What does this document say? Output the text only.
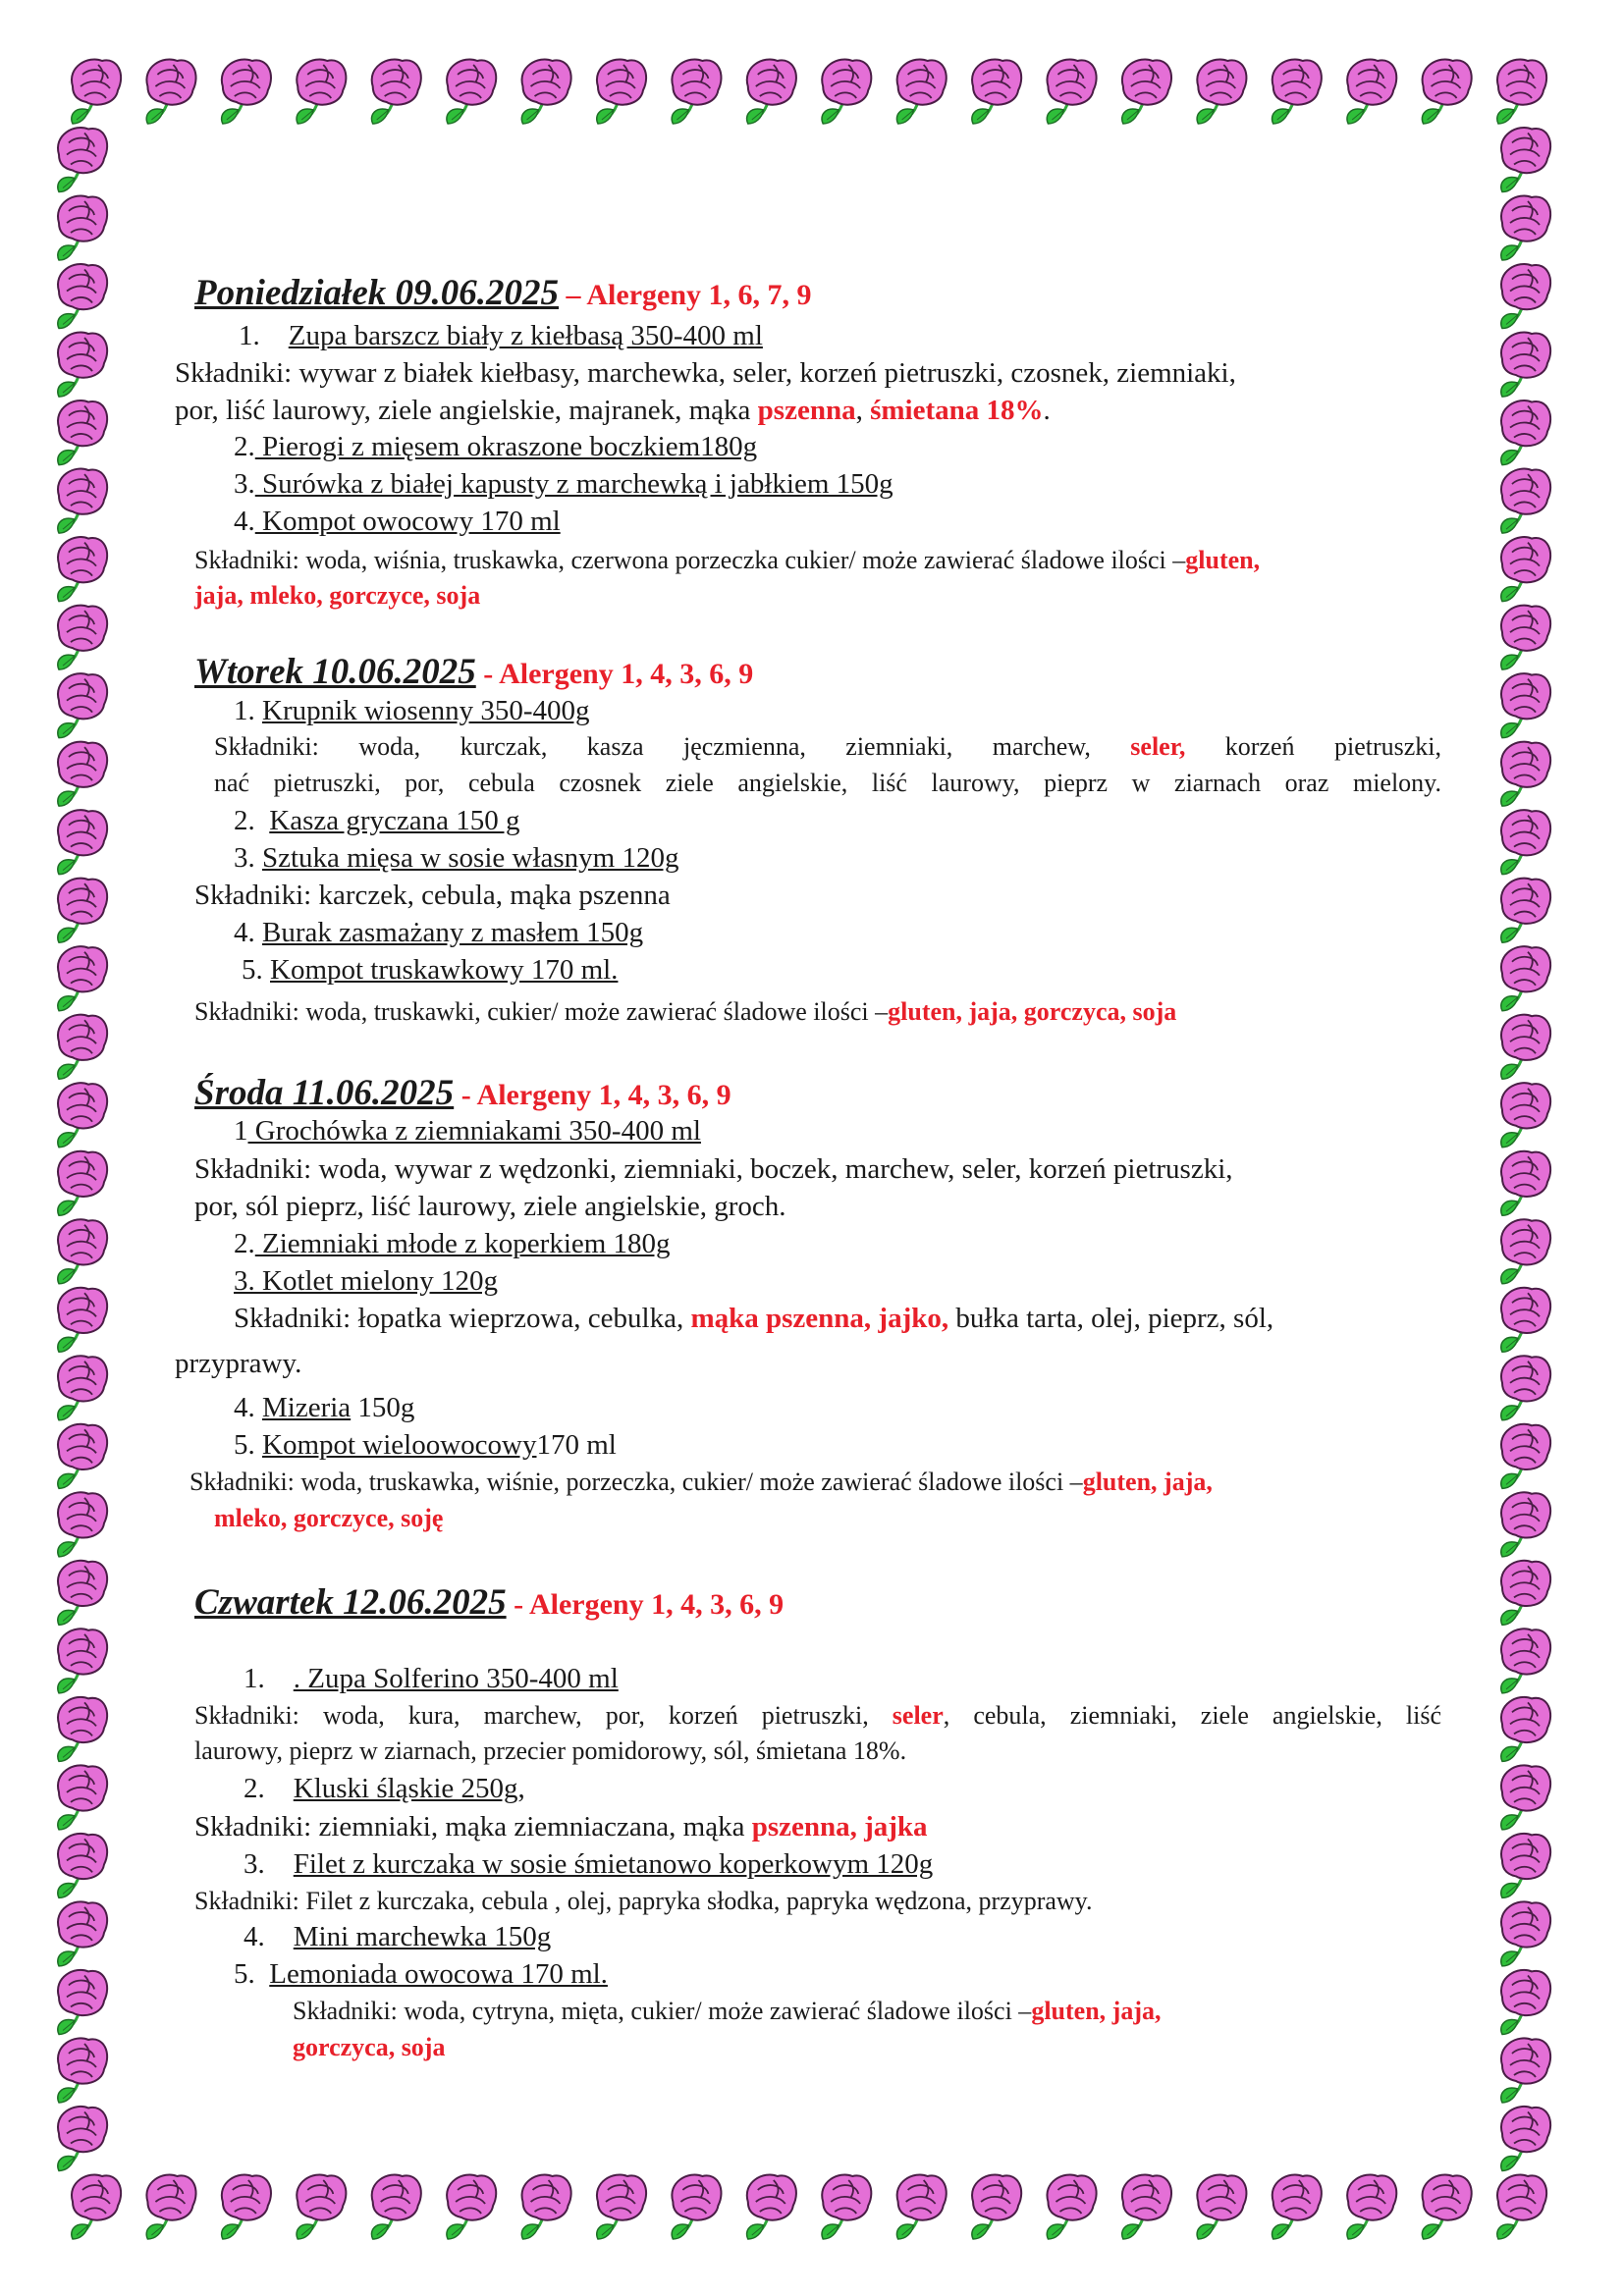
Poniedziałek 09.06.2025 – Alergeny 1, 6, 7, 9
1. Zupa barszcz biały z kiełbasą 350-400 ml
Składniki: wywar z białek kiełbasy, marchewka, seler, korzeń pietruszki, czosnek, ziemniaki,
por, liść laurowy, ziele angielskie, majranek, mąka pszenna, śmietana 18%.
2. Pierogi z mięsem okraszone boczkiem180g
3. Surówka z białej kapusty z marchewką i jabłkiem 150g
4. Kompot owocowy 170 ml
Składniki: woda, wiśnia, truskawka, czerwona porzeczka cukier/ może zawierać śladowe ilości –gluten,
jaja, mleko, gorczyce, soja
Wtorek 10.06.2025 - Alergeny 1, 4, 3, 6, 9
1. Krupnik wiosenny 350-400g
Składniki: woda, kurczak, kasza jęczmienna, ziemniaki, marchew, seler, korzeń pietruszki,
nać pietruszki, por, cebula czosnek ziele angielskie, liść laurowy, pieprz w ziarnach oraz mielony.
2. Kasza gryczana 150 g
3. Sztuka mięsa w sosie własnym 120g
Składniki: karczek, cebula, mąka pszenna
4. Burak zasmażany z masłem 150g
5. Kompot truskawkowy 170 ml.
Składniki: woda, truskawki, cukier/ może zawierać śladowe ilości –gluten, jaja, gorczyca, soja
Środa 11.06.2025 - Alergeny 1, 4, 3, 6, 9
1 Grochówka z ziemniakami 350-400 ml
Składniki: woda, wywar z wędzonki, ziemniaki, boczek, marchew, seler, korzeń pietruszki,
por, sól pieprz, liść laurowy, ziele angielskie, groch.
2. Ziemniaki młode z koperkiem 180g
3. Kotlet mielony 120g
Składniki: łopatka wieprzowa, cebulka, mąka pszenna, jajko, bułka tarta, olej, pieprz, sól,
przyprawy.
4. Mizeria 150g
5. Kompot wieloowocowy170 ml
Składniki: woda, truskawka, wiśnie, porzeczka, cukier/ może zawierać śladowe ilości –gluten, jaja,
mleko, gorczyce, soję
Czwartek 12.06.2025 - Alergeny 1, 4, 3, 6, 9
1. . Zupa Solferino 350-400 ml
Składniki: woda, kura, marchew, por, korzeń pietruszki, seler, cebula, ziemniaki, ziele angielskie, liść
laurowy, pieprz w ziarnach, przecier pomidorowy, sól, śmietana 18%.
2. Kluski śląskie 250g,
Składniki: ziemniaki, mąka ziemniaczana, mąka pszenna, jajka
3. Filet z kurczaka w sosie śmietanowo koperkowym 120g
Składniki: Filet z kurczaka, cebula , olej, papryka słodka, papryka wędzona, przyprawy.
4. Mini marchewka 150g
5. Lemoniada owocowa 170 ml.
Składniki: woda, cytryna, mięta, cukier/ może zawierać śladowe ilości –gluten, jaja,
gorczyca, soja
